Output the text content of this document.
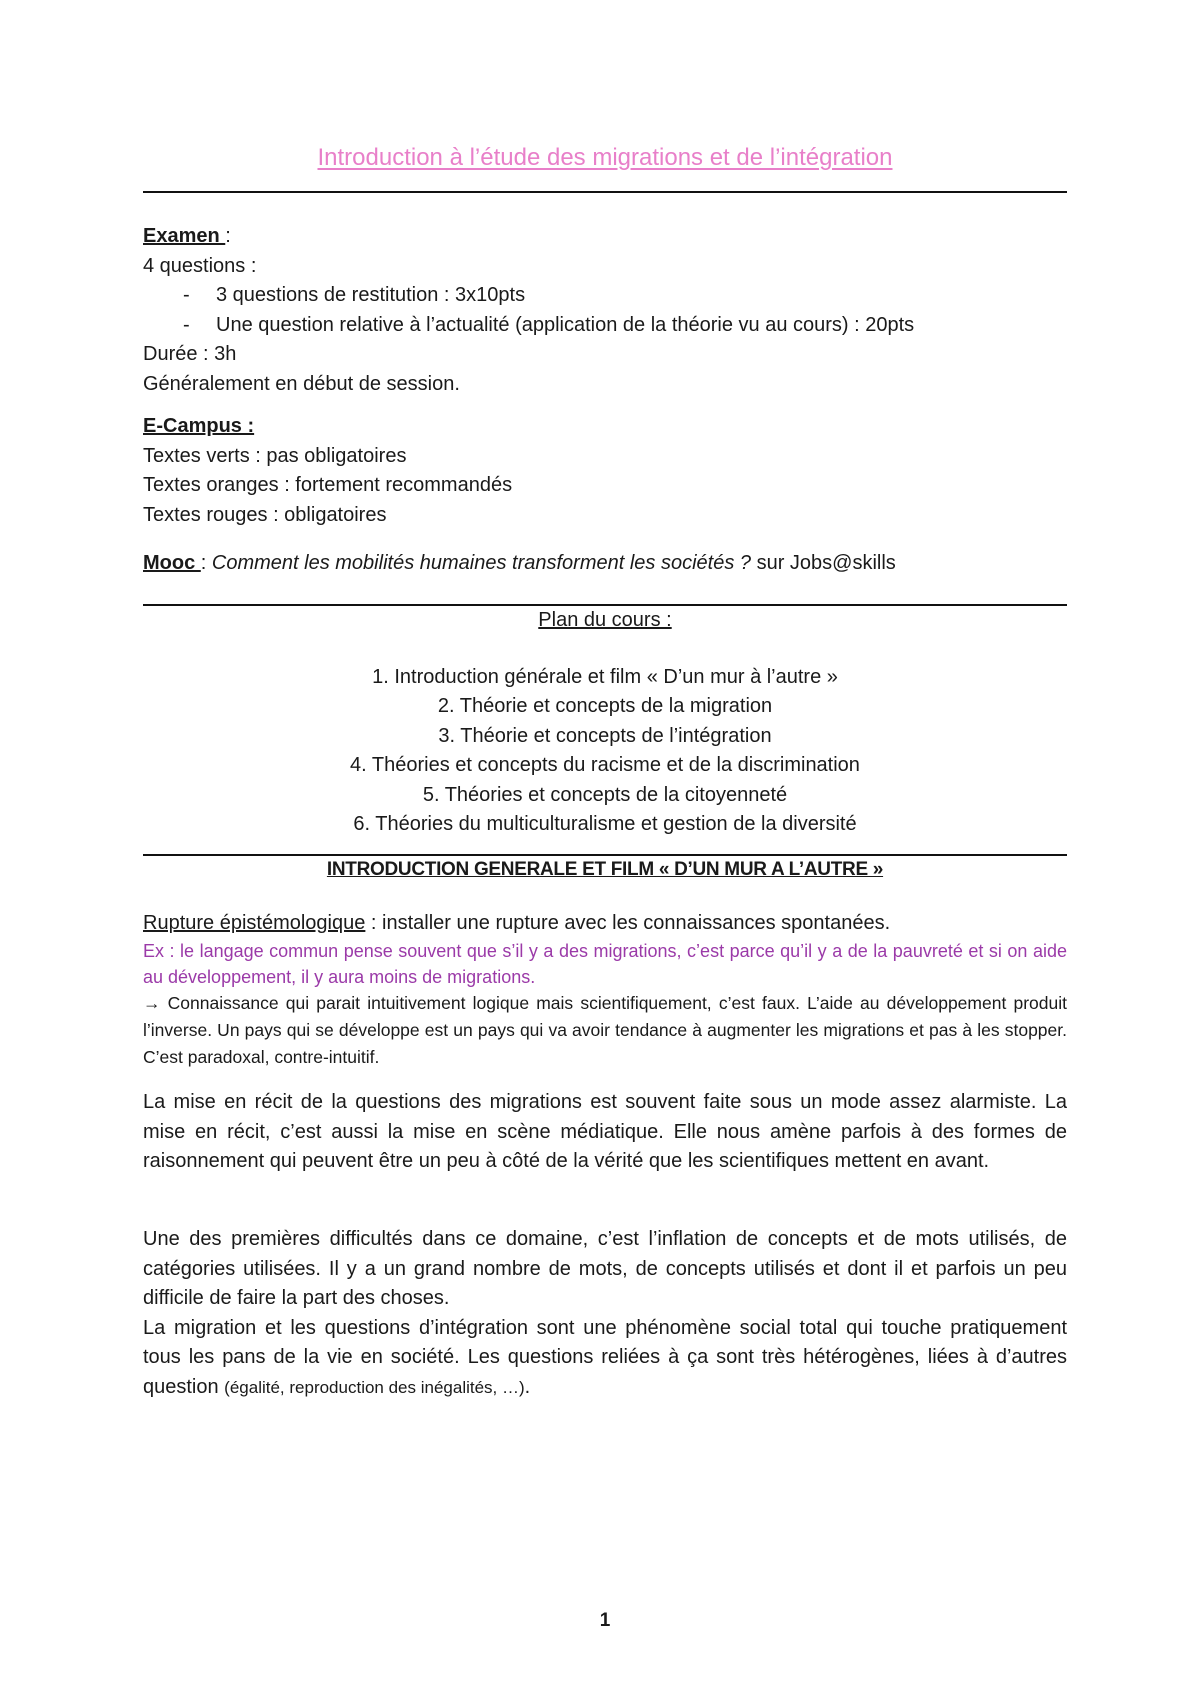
Introduction à l’étude des migrations et de l’intégration

Examen :

4 questions :

- 3 questions de restitution : 3x10pts
- Une question relative à l’actualité (application de la théorie vu au cours) : 20pts

Durée : 3h

Généralement en début de session.

E-Campus :

Textes verts : pas obligatoires

Textes oranges : fortement recommandés

Textes rouges : obligatoires

Mooc : Comment les mobilités humaines transforment les sociétés ? sur Jobs@skills

Plan du cours :

1. Introduction générale et film « D’un mur à l’autre »
2. Théorie et concepts de la migration
3. Théorie et concepts de l’intégration
4. Théories et concepts du racisme et de la discrimination
5. Théories et concepts de la citoyenneté
6. Théories du multiculturalisme et gestion de la diversité

INTRODUCTION GENERALE ET FILM « D’UN MUR A L’AUTRE »

Rupture épistémologique : installer une rupture avec les connaissances spontanées.

Ex : le langage commun pense souvent que s’il y a des migrations, c’est parce qu’il y a de la pauvreté et si on aide au développement, il y aura moins de migrations.

→ Connaissance qui parait intuitivement logique mais scientifiquement, c’est faux. L’aide au développement produit l’inverse. Un pays qui se développe est un pays qui va avoir tendance à augmenter les migrations et pas à les stopper. C’est paradoxal, contre-intuitif.

La mise en récit de la questions des migrations est souvent faite sous un mode assez alarmiste. La mise en récit, c’est aussi la mise en scène médiatique. Elle nous amène parfois à des formes de raisonnement qui peuvent être un peu à côté de la vérité que les scientifiques mettent en avant.

Une des premières difficultés dans ce domaine, c’est l’inflation de concepts et de mots utilisés, de catégories utilisées. Il y a un grand nombre de mots, de concepts utilisés et dont il et parfois un peu difficile de faire la part des choses.

La migration et les questions d’intégration sont une phénomène social total qui touche pratiquement tous les pans de la vie en société. Les questions reliées à ça sont très hétérogènes, liées à d’autres question (égalité, reproduction des inégalités, …).

1
